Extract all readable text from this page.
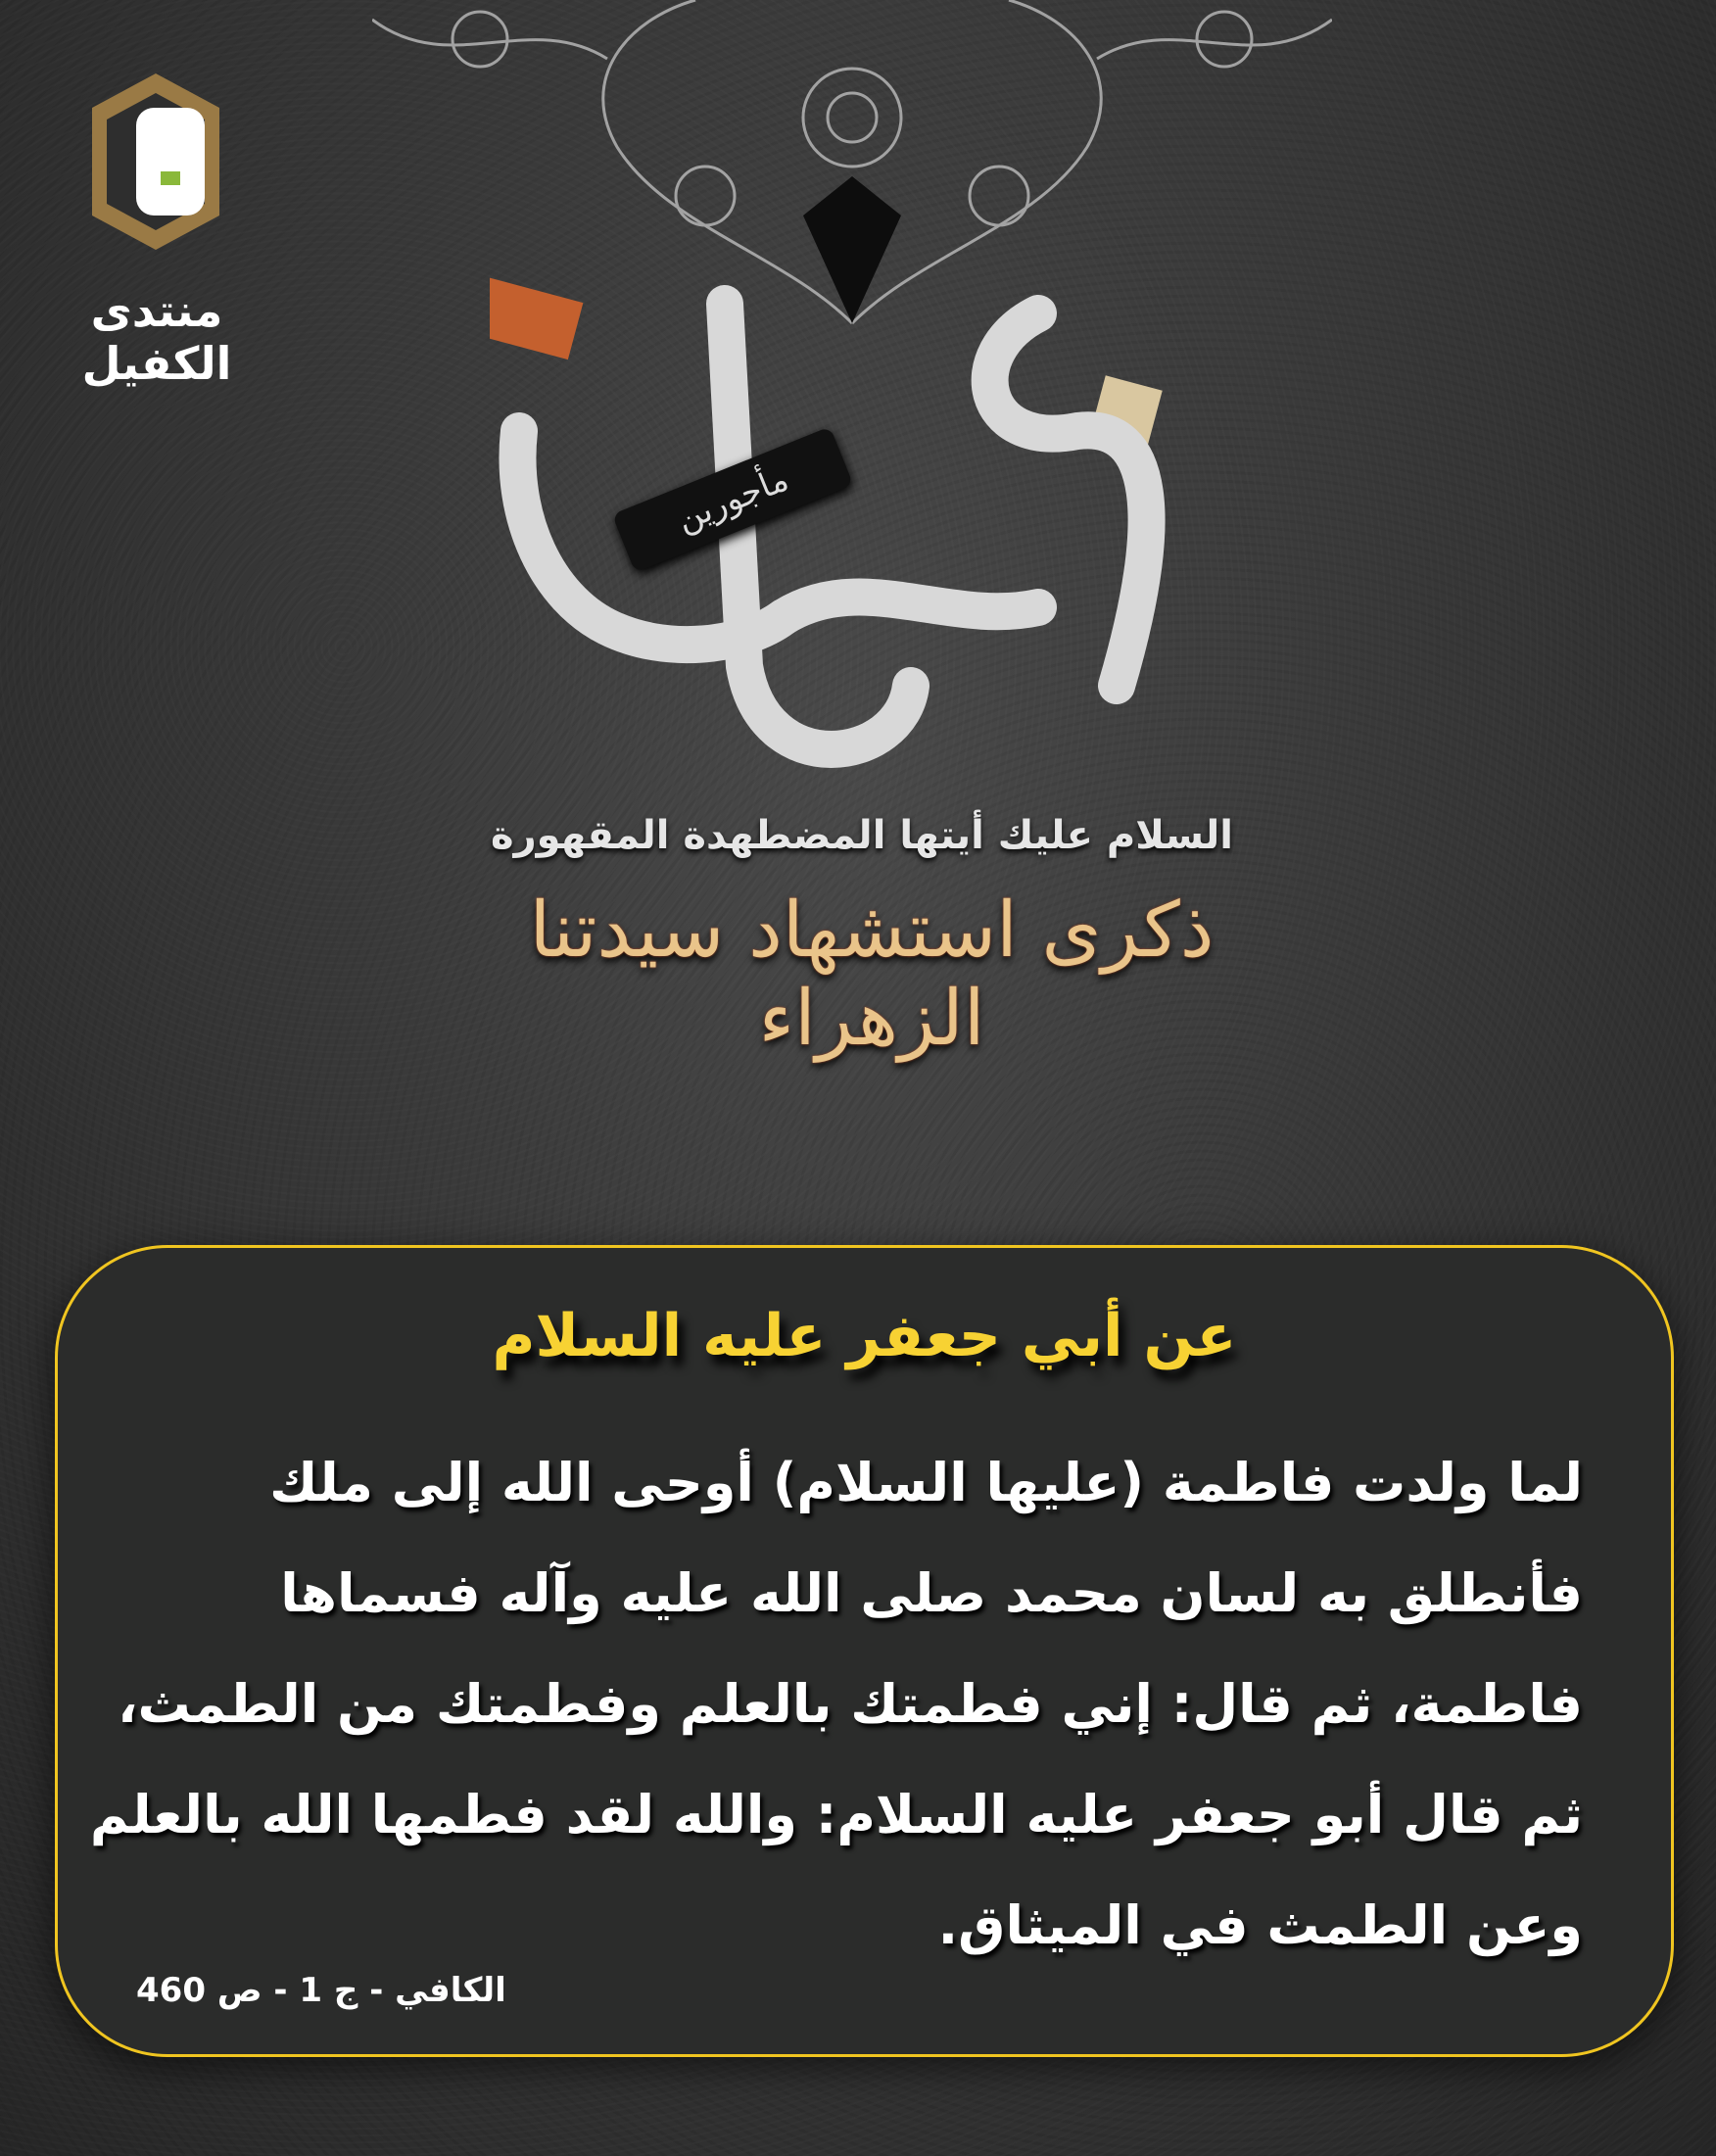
منتدى الكفيل
مأجورين
السلام عليك أيتها المضطهدة المقهورة
ذكرى استشهاد سيدتنا الزهراء
عن أبي جعفر عليه السلام
لما ولدت فاطمة (عليها السلام) أوحى الله إلى ملك
فأنطلق به لسان محمد صلى الله عليه وآله فسماها
فاطمة، ثم قال: إني فطمتك بالعلم وفطمتك من الطمث،
ثم قال أبو جعفر عليه السلام: والله لقد فطمها الله بالعلم
وعن الطمث في الميثاق.
الكافي - ج 1 - ص 460
